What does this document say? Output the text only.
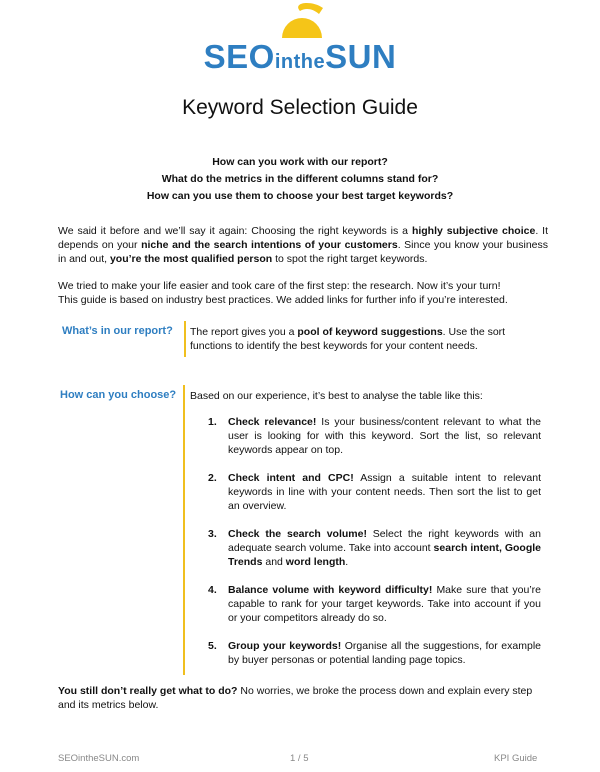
SEOintheSUN
Keyword Selection Guide
How can you work with our report?
What do the metrics in the different columns stand for?
How can you use them to choose your best target keywords?
We said it before and we’ll say it again: Choosing the right keywords is a highly subjective choice. It depends on your niche and the search intentions of your customers. Since you know your business in and out, you’re the most qualified person to spot the right target keywords.
We tried to make your life easier and took care of the first step: the research. Now it’s your turn!
This guide is based on industry best practices. We added links for further info if you’re interested.
What’s in our report? The report gives you a pool of keyword suggestions. Use the sort functions to identify the best keywords for your content needs.
How can you choose? Based on our experience, it’s best to analyse the table like this:
1. Check relevance! Is your business/content relevant to what the user is looking for with this keyword. Sort the list, so relevant keywords appear on top.
2. Check intent and CPC! Assign a suitable intent to relevant keywords in line with your content needs. Then sort the list to get an overview.
3. Check the search volume! Select the right keywords with an adequate search volume. Take into account search intent, Google Trends and word length.
4. Balance volume with keyword difficulty! Make sure that you’re capable to rank for your target keywords. Take into account if you or your competitors already do so.
5. Group your keywords! Organise all the suggestions, for example by buyer personas or potential landing page topics.
You still don’t really get what to do? No worries, we broke the process down and explain every step and its metrics below.
SEOintheSUN.com	1 / 5	KPI Guide
